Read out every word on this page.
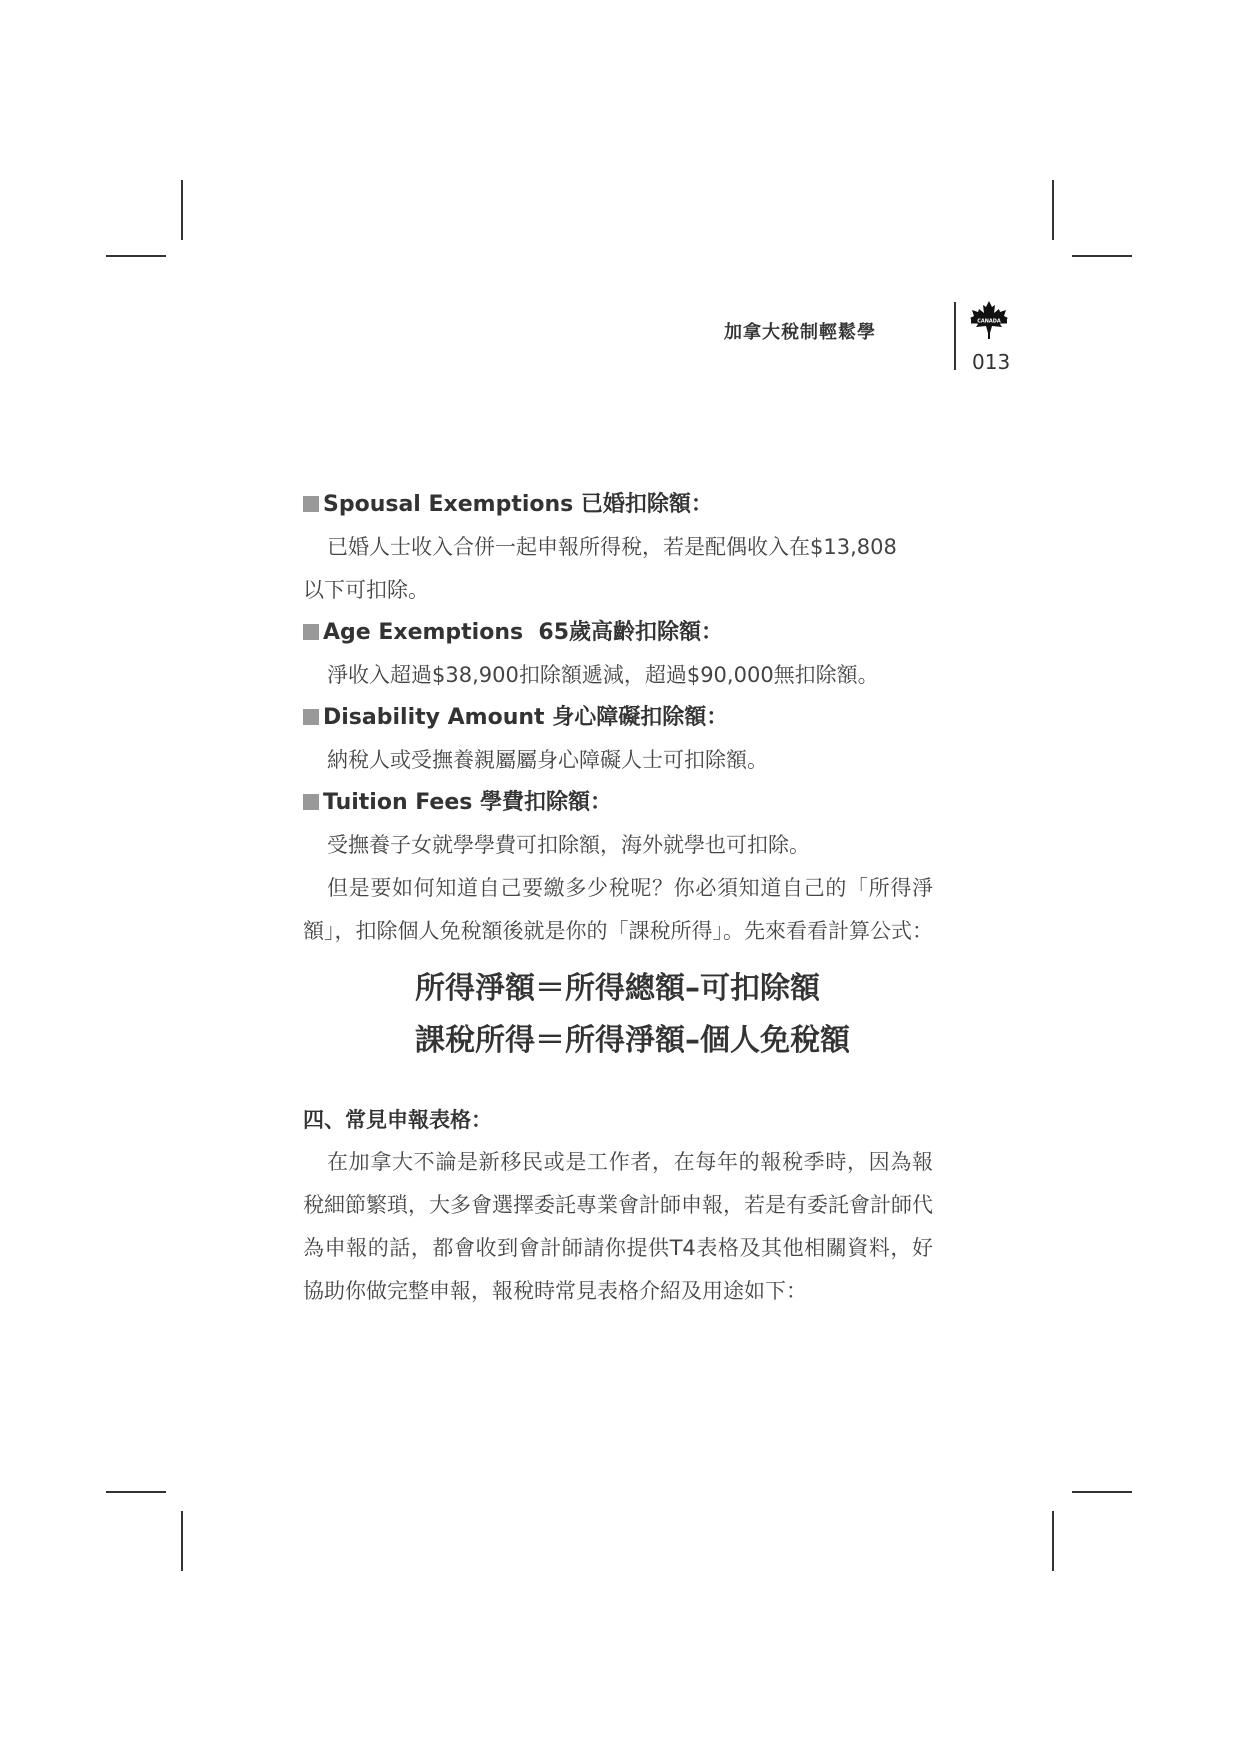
加拿大稅制輕鬆學
CANADA
013
Spousal Exemptions 已婚扣除額：
已婚人士收入合併一起申報所得稅，若是配偶收入在$13,808
以下可扣除。
Age Exemptions  65歲高齡扣除額：
淨收入超過$38,900扣除額遞減，超過$90,000無扣除額。
Disability Amount 身心障礙扣除額：
納稅人或受撫養親屬屬身心障礙人士可扣除額。
Tuition Fees 學費扣除額：
受撫養子女就學學費可扣除額，海外就學也可扣除。
但是要如何知道自己要繳多少稅呢？你必須知道自己的「所得淨額」，扣除個人免稅額後就是你的「課稅所得」。先來看看計算公式：
所得淨額＝所得總額–可扣除額
課稅所得＝所得淨額–個人免稅額
四、常見申報表格：
在加拿大不論是新移民或是工作者，在每年的報稅季時，因為報稅細節繁瑣，大多會選擇委託專業會計師申報，若是有委託會計師代為申報的話，都會收到會計師請你提供T4表格及其他相關資料，好協助你做完整申報，報稅時常見表格介紹及用途如下：
